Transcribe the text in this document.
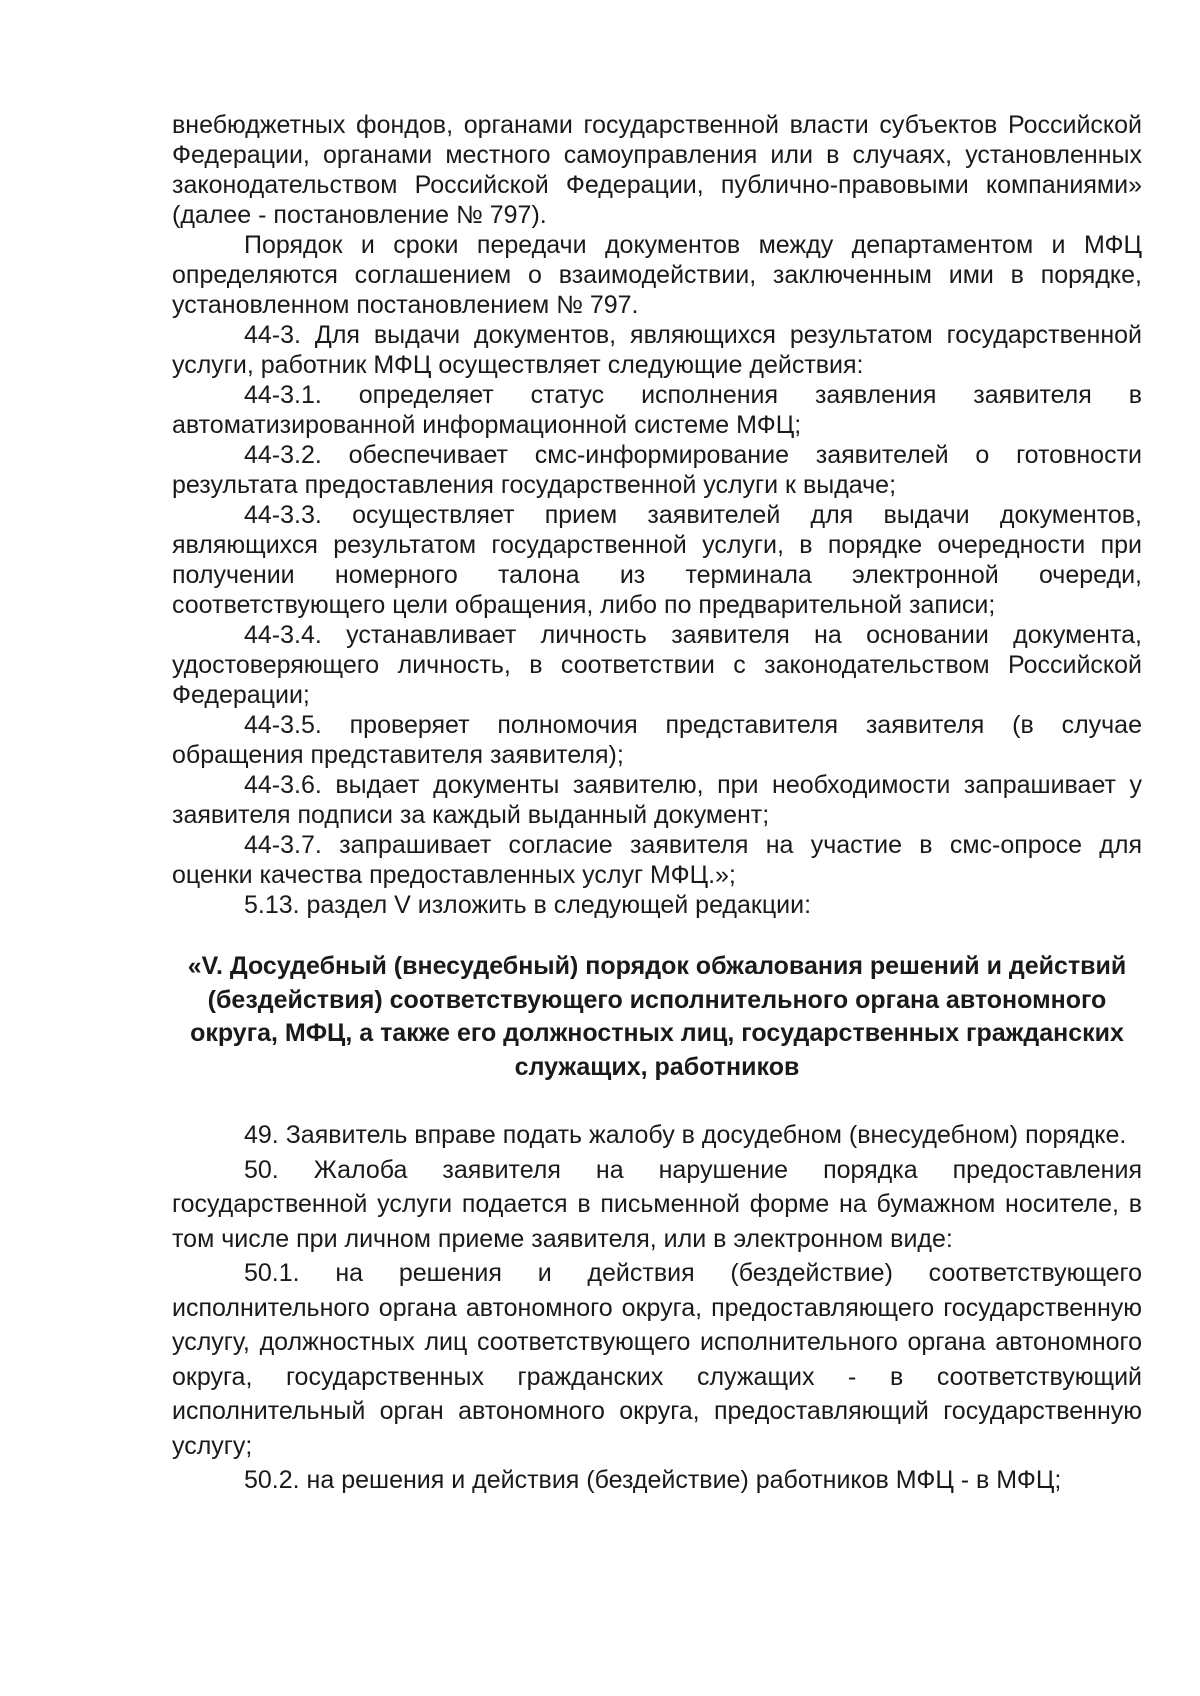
внебюджетных фондов, органами государственной власти субъектов Российской Федерации, органами местного самоуправления или в случаях, установленных законодательством Российской Федерации, публично-правовыми компаниями» (далее - постановление № 797).

Порядок и сроки передачи документов между департаментом и МФЦ определяются соглашением о взаимодействии, заключенным ими в порядке, установленном постановлением № 797.

44-3. Для выдачи документов, являющихся результатом государственной услуги, работник МФЦ осуществляет следующие действия:

44-3.1. определяет статус исполнения заявления заявителя в автоматизированной информационной системе МФЦ;

44-3.2. обеспечивает смс-информирование заявителей о готовности результата предоставления государственной услуги к выдаче;

44-3.3. осуществляет прием заявителей для выдачи документов, являющихся результатом государственной услуги, в порядке очередности при получении номерного талона из терминала электронной очереди, соответствующего цели обращения, либо по предварительной записи;

44-3.4. устанавливает личность заявителя на основании документа, удостоверяющего личность, в соответствии с законодательством Российской Федерации;

44-3.5. проверяет полномочия представителя заявителя (в случае обращения представителя заявителя);

44-3.6. выдает документы заявителю, при необходимости запрашивает у заявителя подписи за каждый выданный документ;

44-3.7. запрашивает согласие заявителя на участие в смс-опросе для оценки качества предоставленных услуг МФЦ.»;

5.13. раздел V изложить в следующей редакции:

«V. Досудебный (внесудебный) порядок обжалования решений и действий (бездействия) соответствующего исполнительного органа автономного округа, МФЦ, а также его должностных лиц, государственных гражданских служащих, работников

49. Заявитель вправе подать жалобу в досудебном (внесудебном) порядке.

50. Жалоба заявителя на нарушение порядка предоставления государственной услуги подается в письменной форме на бумажном носителе, в том числе при личном приеме заявителя, или в электронном виде:

50.1. на решения и действия (бездействие) соответствующего исполнительного органа автономного округа, предоставляющего государственную услугу, должностных лиц соответствующего исполнительного органа автономного округа, государственных гражданских служащих - в соответствующий исполнительный орган автономного округа, предоставляющий государственную услугу;

50.2. на решения и действия (бездействие) работников МФЦ - в МФЦ;
